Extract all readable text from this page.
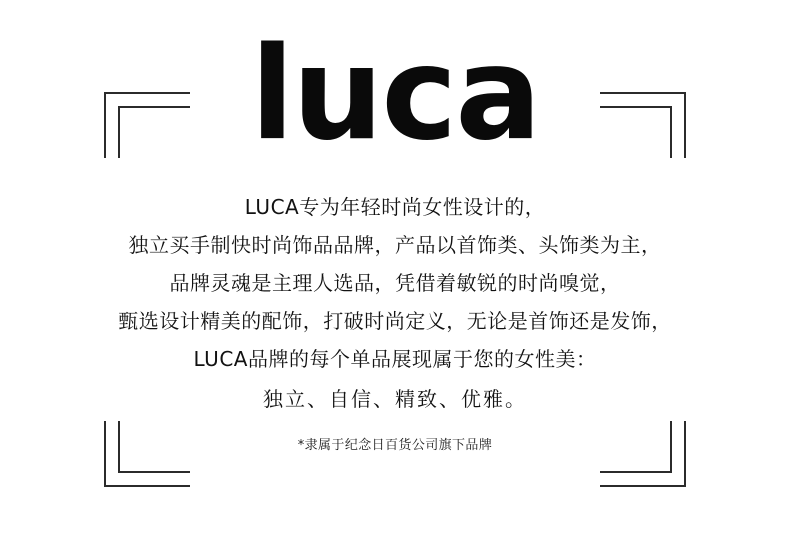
luca
LUCA专为年轻时尚女性设计的，
独立买手制快时尚饰品品牌，产品以首饰类、头饰类为主，
品牌灵魂是主理人选品，凭借着敏锐的时尚嗅觉，
甄选设计精美的配饰，打破时尚定义，无论是首饰还是发饰，
LUCA品牌的每个单品展现属于您的女性美：
独立、自信、精致、优雅。
*隶属于纪念日百货公司旗下品牌
